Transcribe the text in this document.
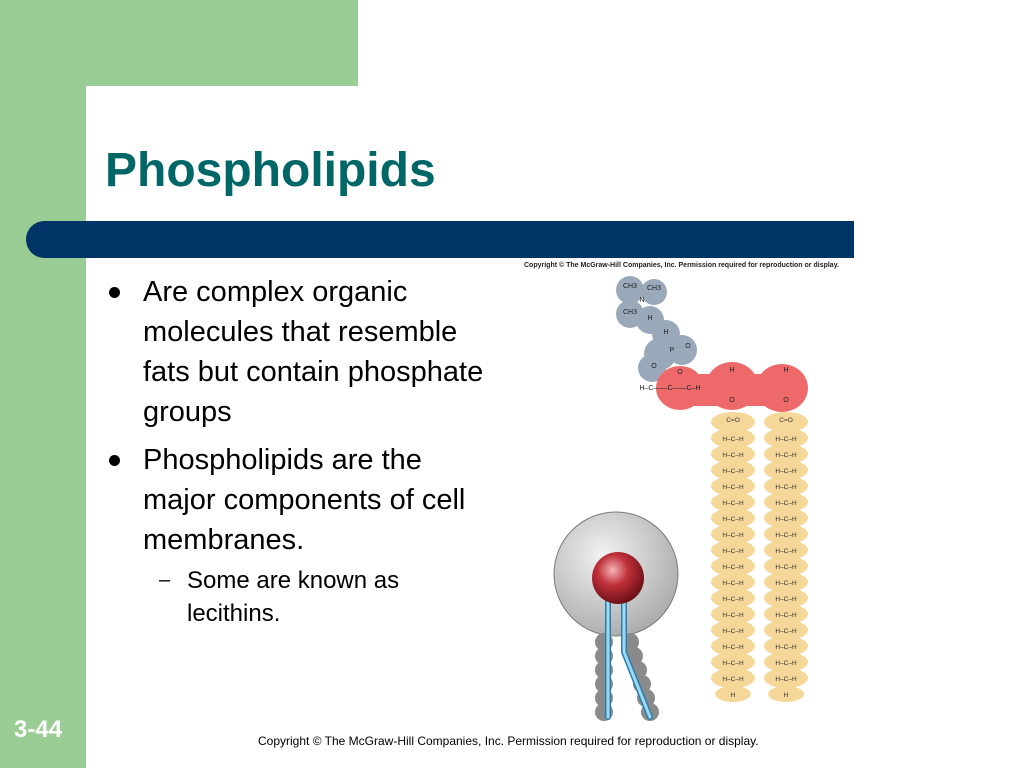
Phospholipids
Are complex organic molecules that resemble fats but contain phosphate groups
Phospholipids are the major components of cell membranes.
– Some are known as lecithins.
CH3 CH3
N
CH3
H
H
P
O
O
O	H	H
H–C——C——C–H
O	O
C=O	C=O
H–C–H	H–C–H
H–C–H	H–C–H
H–C–H	H–C–H
H–C–H	H–C–H
H–C–H	H–C–H
H–C–H	H–C–H
H–C–H	H–C–H
H–C–H	H–C–H
H–C–H	H–C–H
H–C–H	H–C–H
H–C–H	H–C–H
H–C–H	H–C–H
H–C–H	H–C–H
H–C–H	H–C–H
H–C–H	H–C–H
H–C–H	H–C–H
H	H
Copyright © The McGraw-Hill Companies, Inc. Permission required for reproduction or display.
3-44	Copyright © The McGraw-Hill Companies, Inc. Permission required for reproduction or display.
